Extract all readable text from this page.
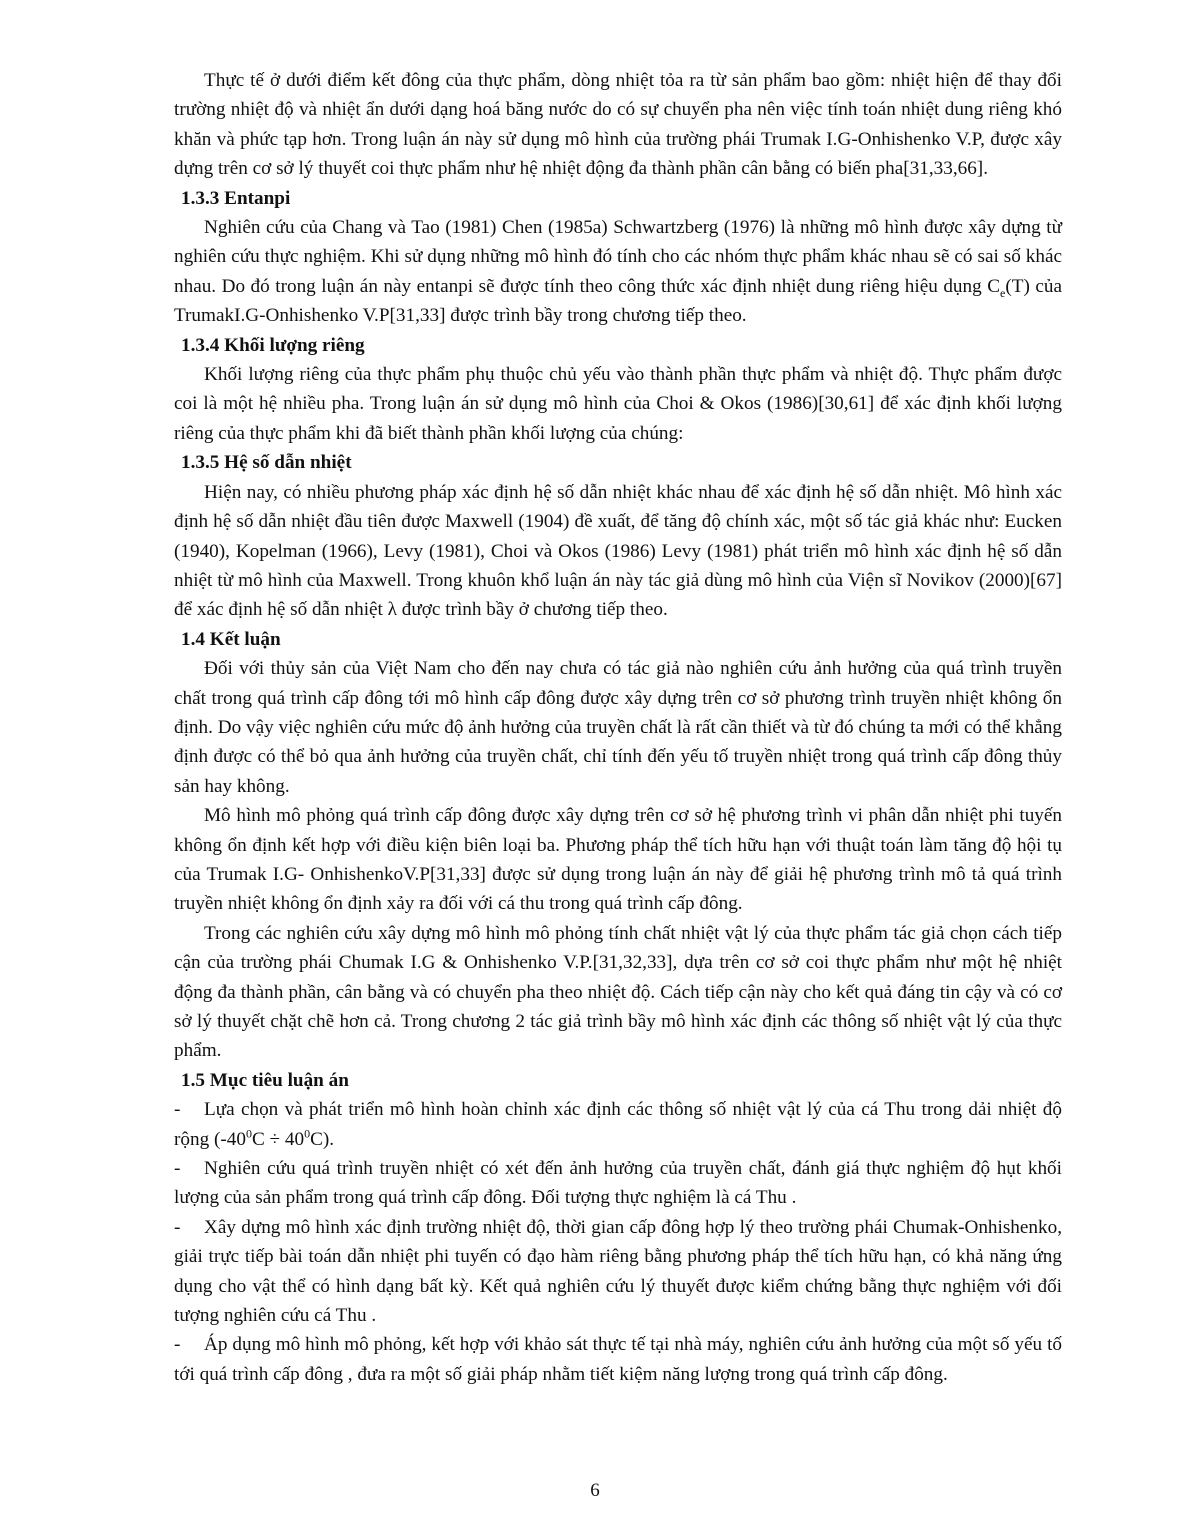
Thực tế ở dưới điểm kết đông của thực phẩm, dòng nhiệt tỏa ra từ sản phẩm bao gồm: nhiệt hiện để thay đổi trường nhiệt độ và nhiệt ẩn dưới dạng hoá băng nước do có sự chuyển pha nên việc tính toán nhiệt dung riêng khó khăn và phức tạp hơn. Trong luận án này sử dụng mô hình của trường phái Trumak I.G-Onhishenko V.P, được xây dựng trên cơ sở lý thuyết coi thực phẩm như hệ nhiệt động đa thành phần cân bằng có biến pha[31,33,66].

1.3.3 Entanpi

Nghiên cứu của Chang và Tao (1981) Chen (1985a) Schwartzberg (1976) là những mô hình được xây dựng từ nghiên cứu thực nghiệm. Khi sử dụng những mô hình đó tính cho các nhóm thực phẩm khác nhau sẽ có sai số khác nhau. Do đó trong luận án này entanpi sẽ được tính theo công thức xác định nhiệt dung riêng hiệu dụng $C_e(T)$ của TrumakI.G-Onhishenko V.P[31,33] được trình bầy trong chương tiếp theo.

1.3.4 Khối lượng riêng

Khối lượng riêng của thực phẩm phụ thuộc chủ yếu vào thành phần thực phẩm và nhiệt độ. Thực phẩm được coi là một hệ nhiều pha. Trong luận án sử dụng mô hình của Choi & Okos (1986)[30,61] để xác định khối lượng riêng của thực phẩm khi đã biết thành phần khối lượng của chúng:

1.3.5 Hệ số dẫn nhiệt

Hiện nay, có nhiều phương pháp xác định hệ số dẫn nhiệt khác nhau để xác định hệ số dẫn nhiệt. Mô hình xác định hệ số dẫn nhiệt đầu tiên được Maxwell (1904) đề xuất, để tăng độ chính xác, một số tác giả khác như: Eucken (1940), Kopelman (1966), Levy (1981), Choi và Okos (1986) Levy (1981) phát triển mô hình xác định hệ số dẫn nhiệt từ mô hình của Maxwell. Trong khuôn khổ luận án này tác giả dùng mô hình của Viện sĩ Novikov (2000)[67] để xác định hệ số dẫn nhiệt λ được trình bầy ở chương tiếp theo.

1.4 Kết luận

Đối với thủy sản của Việt Nam cho đến nay chưa có tác giả nào nghiên cứu ảnh hưởng của quá trình truyền chất trong quá trình cấp đông tới mô hình cấp đông được xây dựng trên cơ sở phương trình truyền nhiệt không ổn định. Do vậy việc nghiên cứu mức độ ảnh hưởng của truyền chất là rất cần thiết và từ đó chúng ta mới có thể khẳng định được có thể bỏ qua ảnh hưởng của truyền chất, chỉ tính đến yếu tố truyền nhiệt trong quá trình cấp đông thủy sản hay không.

Mô hình mô phỏng quá trình cấp đông được xây dựng trên cơ sở hệ phương trình vi phân dẫn nhiệt phi tuyến không ổn định kết hợp với điều kiện biên loại ba. Phương pháp thể tích hữu hạn với thuật toán làm tăng độ hội tụ của Trumak I.G- OnhishenkoV.P[31,33] được sử dụng trong luận án này để giải hệ phương trình mô tả quá trình truyền nhiệt không ổn định xảy ra đối với cá thu trong quá trình cấp đông.

Trong các nghiên cứu xây dựng mô hình mô phỏng tính chất nhiệt vật lý của thực phẩm tác giả chọn cách tiếp cận của trường phái Chumak I.G & Onhishenko V.P.[31,32,33], dựa trên cơ sở coi thực phẩm như một hệ nhiệt động đa thành phần, cân bằng và có chuyển pha theo nhiệt độ. Cách tiếp cận này cho kết quả đáng tin cậy và có cơ sở lý thuyết chặt chẽ hơn cả. Trong chương 2 tác giả trình bầy mô hình xác định các thông số nhiệt vật lý của thực phẩm.

1.5 Mục tiêu luận án

- Lựa chọn và phát triển mô hình hoàn chỉnh xác định các thông số nhiệt vật lý của cá Thu trong dải nhiệt độ rộng $(-40^0C \div 40^0C)$.

- Nghiên cứu quá trình truyền nhiệt có xét đến ảnh hưởng của truyền chất, đánh giá thực nghiệm độ hụt khối lượng của sản phẩm trong quá trình cấp đông. Đối tượng thực nghiệm là cá Thu .

- Xây dựng mô hình xác định trường nhiệt độ, thời gian cấp đông hợp lý theo trường phái Chumak-Onhishenko, giải trực tiếp bài toán dẫn nhiệt phi tuyến có đạo hàm riêng bằng phương pháp thể tích hữu hạn, có khả năng ứng dụng cho vật thể có hình dạng bất kỳ. Kết quả nghiên cứu lý thuyết được kiểm chứng bằng thực nghiệm với đối tượng nghiên cứu cá Thu .

- Áp dụng mô hình mô phỏng, kết hợp với khảo sát thực tế tại nhà máy, nghiên cứu ảnh hưởng của một số yếu tố tới quá trình cấp đông , đưa ra một số giải pháp nhằm tiết kiệm năng lượng trong quá trình cấp đông.

6
